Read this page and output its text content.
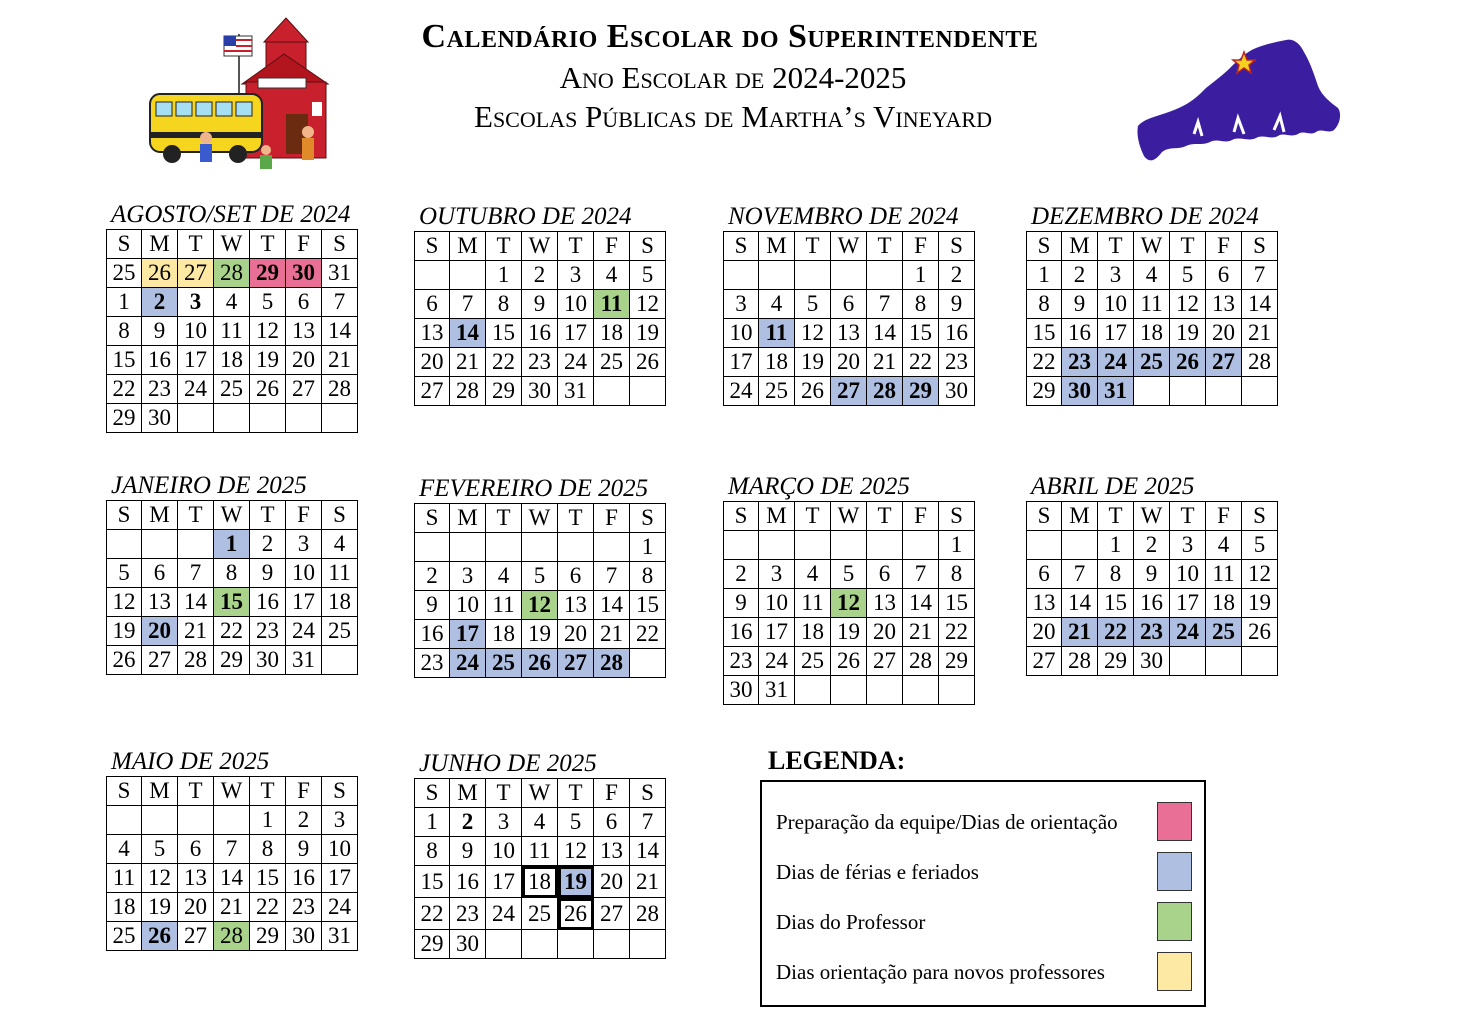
Calendário Escolar do Superintendente
Ano Escolar de 2024-2025
Escolas Públicas de Martha’s Vineyard
AGOSTO/SET DE 2024
S	M	T	W	T	F	S
25	26	27	28	29	30	31
1	2	3	4	5	6	7
8	9	10	11	12	13	14
15	16	17	18	19	20	21
22	23	24	25	26	27	28
29	30					
OUTUBRO DE 2024
S	M	T	W	T	F	S
		1	2	3	4	5
6	7	8	9	10	11	12
13	14	15	16	17	18	19
20	21	22	23	24	25	26
27	28	29	30	31		
NOVEMBRO DE 2024
S	M	T	W	T	F	S
					1	2
3	4	5	6	7	8	9
10	11	12	13	14	15	16
17	18	19	20	21	22	23
24	25	26	27	28	29	30
DEZEMBRO DE 2024
S	M	T	W	T	F	S
1	2	3	4	5	6	7
8	9	10	11	12	13	14
15	16	17	18	19	20	21
22	23	24	25	26	27	28
29	30	31				
JANEIRO DE 2025
S	M	T	W	T	F	S
			1	2	3	4
5	6	7	8	9	10	11
12	13	14	15	16	17	18
19	20	21	22	23	24	25
26	27	28	29	30	31	
FEVEREIRO DE 2025
S	M	T	W	T	F	S
						1
2	3	4	5	6	7	8
9	10	11	12	13	14	15
16	17	18	19	20	21	22
23	24	25	26	27	28	
MARÇO DE 2025
S	M	T	W	T	F	S
						1
2	3	4	5	6	7	8
9	10	11	12	13	14	15
16	17	18	19	20	21	22
23	24	25	26	27	28	29
30	31					
ABRIL DE 2025
S	M	T	W	T	F	S
		1	2	3	4	5
6	7	8	9	10	11	12
13	14	15	16	17	18	19
20	21	22	23	24	25	26
27	28	29	30			
MAIO DE 2025
S	M	T	W	T	F	S
				1	2	3
4	5	6	7	8	9	10
11	12	13	14	15	16	17
18	19	20	21	22	23	24
25	26	27	28	29	30	31
JUNHO DE 2025
S	M	T	W	T	F	S
1	2	3	4	5	6	7
8	9	10	11	12	13	14
15	16	17	18	19	20	21
22	23	24	25	26	27	28
29	30					
LEGENDA:
Preparação da equipe/Dias de orientação
Dias de férias e feriados
Dias do Professor
Dias orientação para novos professores
